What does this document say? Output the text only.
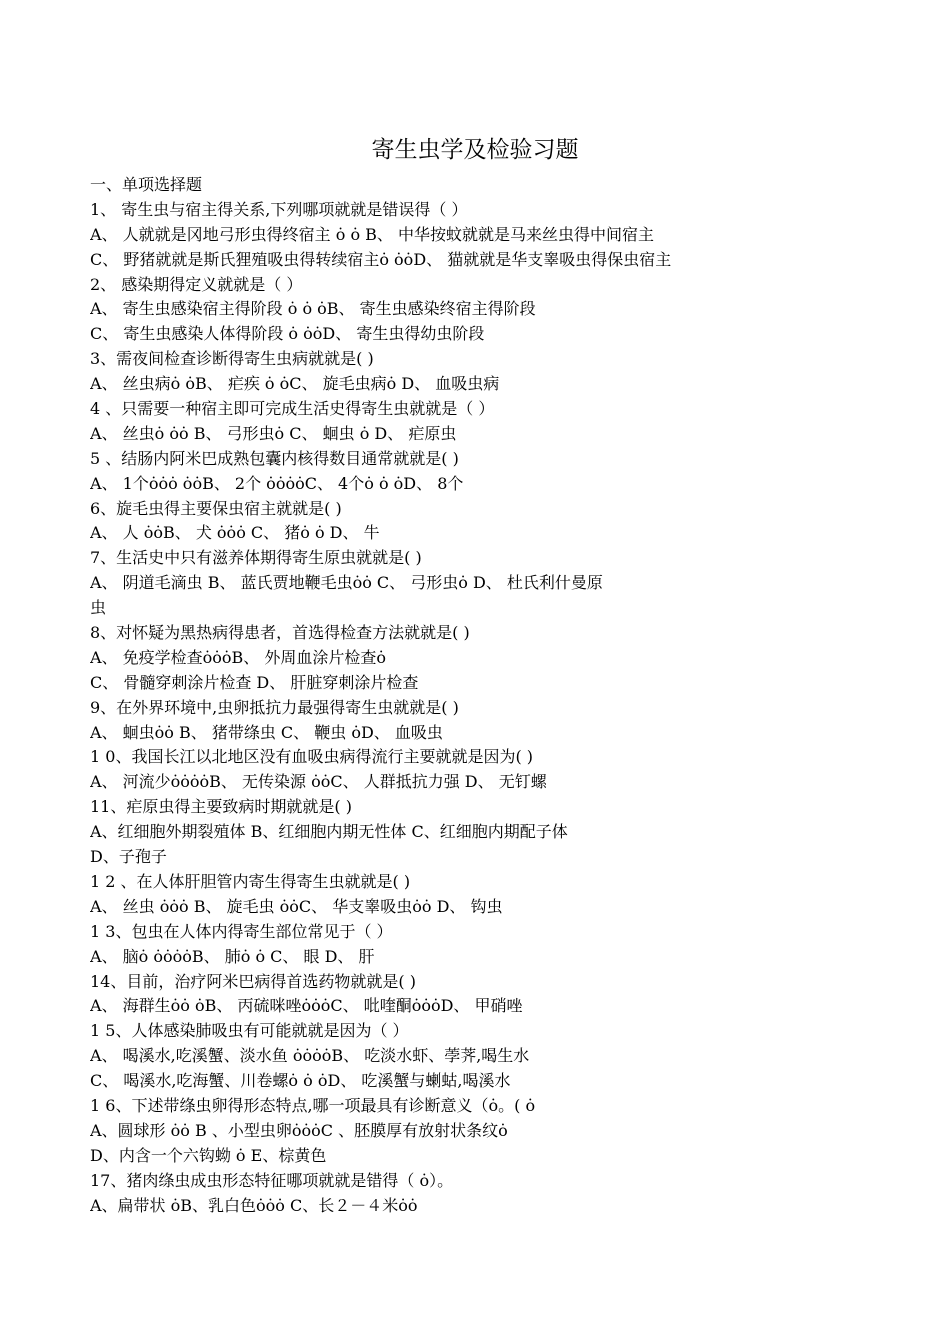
寄生虫学及检验习题
一、单项选择题
1、 寄生虫与宿主得关系,下列哪项就就是错误得（ ）
A、 人就就是冈地弓形虫得终宿主 ȯ ȯ B、 中华按蚊就就是马来丝虫得中间宿主
C、 野猪就就是斯氏狸殖吸虫得转续宿主ȯ ȯȯD、 猫就就是华支睾吸虫得保虫宿主
2、 感染期得定义就就是（ ）
A、 寄生虫感染宿主得阶段 ȯ ȯ ȯB、 寄生虫感染终宿主得阶段
C、 寄生虫感染人体得阶段 ȯ ȯȯD、 寄生虫得幼虫阶段
3、需夜间检查诊断得寄生虫病就就是( )
A、 丝虫病ȯ ȯB、 疟疾 ȯ ȯC、 旋毛虫病ȯ D、 血吸虫病
4 、只需要一种宿主即可完成生活史得寄生虫就就是（ ）
A、 丝虫ȯ ȯȯ B、 弓形虫ȯ C、 蛔虫 ȯ D、 疟原虫
5 、结肠内阿米巴成熟包囊内核得数目通常就就是( )
A、 1个ȯȯȯ ȯȯB、 2个 ȯȯȯȯC、 4个ȯ ȯ ȯD、 8个
6、旋毛虫得主要保虫宿主就就是( )
A、 人 ȯȯB、 犬 ȯȯȯ C、 猪ȯ ȯ D、 牛
7、生活史中只有滋养体期得寄生原虫就就是( )
A、 阴道毛滴虫 B、 蓝氏贾地鞭毛虫ȯȯ C、 弓形虫ȯ D、 杜氏利什曼原
虫
8、对怀疑为黑热病得患者，首选得检查方法就就是( )
A、 免疫学检查ȯȯȯB、 外周血涂片检查ȯ
C、 骨髓穿刺涂片检查 D、 肝脏穿刺涂片检查
9、在外界环境中,虫卵抵抗力最强得寄生虫就就是( )
A、 蛔虫ȯȯ B、 猪带绦虫 C、 鞭虫 ȯD、 血吸虫
1 0、我国长江以北地区没有血吸虫病得流行主要就就是因为( )
A、 河流少ȯȯȯȯB、 无传染源 ȯȯC、 人群抵抗力强 D、 无钉螺
11、疟原虫得主要致病时期就就是( )
A、红细胞外期裂殖体 B、红细胞内期无性体 C、红细胞内期配子体
D、子孢子
1 2 、在人体肝胆管内寄生得寄生虫就就是( )
A、 丝虫 ȯȯȯ B、 旋毛虫 ȯȯC、 华支睾吸虫ȯȯ D、 钩虫
1 3、包虫在人体内得寄生部位常见于（ ）
A、 脑ȯ ȯȯȯȯB、 肺ȯ ȯ C、 眼 D、 肝
14、目前，治疗阿米巴病得首选药物就就是( )
A、 海群生ȯȯ ȯB、 丙硫咪唑ȯȯȯC、 吡喹酮ȯȯȯD、 甲硝唑
1 5、人体感染肺吸虫有可能就就是因为（ ）
A、 喝溪水,吃溪蟹、淡水鱼 ȯȯȯȯB、 吃淡水虾、荸荠,喝生水
C、 喝溪水,吃海蟹、川卷螺ȯ ȯ ȯD、 吃溪蟹与蝲蛄,喝溪水
1 6、下述带绦虫卵得形态特点,哪一项最具有诊断意义（ȯ。( ȯ
A、圆球形 ȯȯ B 、小型虫卵ȯȯȯC 、胚膜厚有放射状条纹ȯ
D、内含一个六钩蚴 ȯ E、棕黄色
17、猪肉绦虫成虫形态特征哪项就就是错得（ ȯ）。
A、扁带状 ȯB、乳白色ȯȯȯ C、长２－４米ȯȯ
